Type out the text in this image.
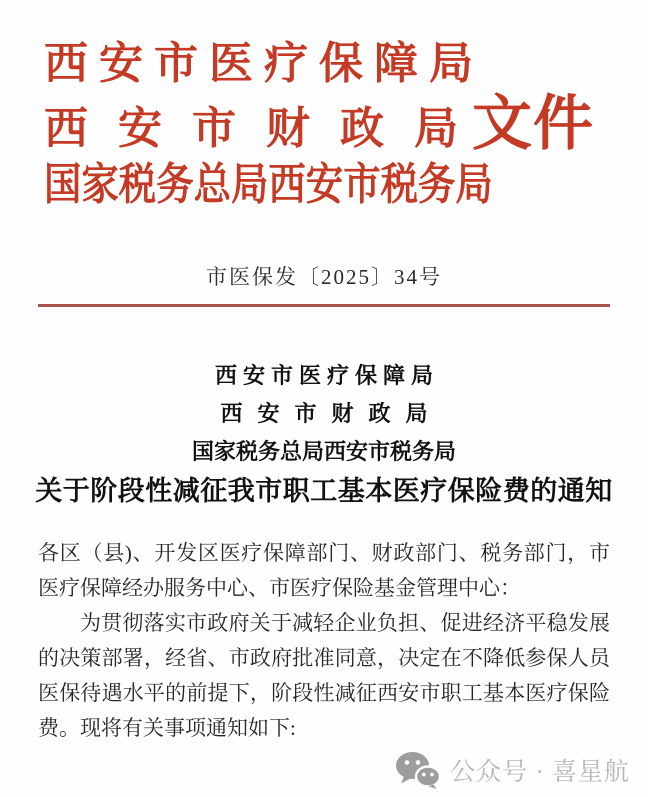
西安市医疗保障局
西安市财政局
文件
国家税务总局西安市税务局
市医保发〔2025〕34号
西安市医疗保障局
西安市财政局
国家税务总局西安市税务局
关于阶段性减征我市职工基本医疗保险费的通知

各区（县)、开发区医疗保障部门、财政部门、税务部门，市医疗保障经办服务中心、市医疗保险基金管理中心：

为贯彻落实市政府关于减轻企业负担、促进经济平稳发展的决策部署，经省、市政府批准同意，决定在不降低参保人员医保待遇水平的前提下，阶段性减征西安市职工基本医疗保险费。现将有关事项通知如下:

公众号 · 喜星航
